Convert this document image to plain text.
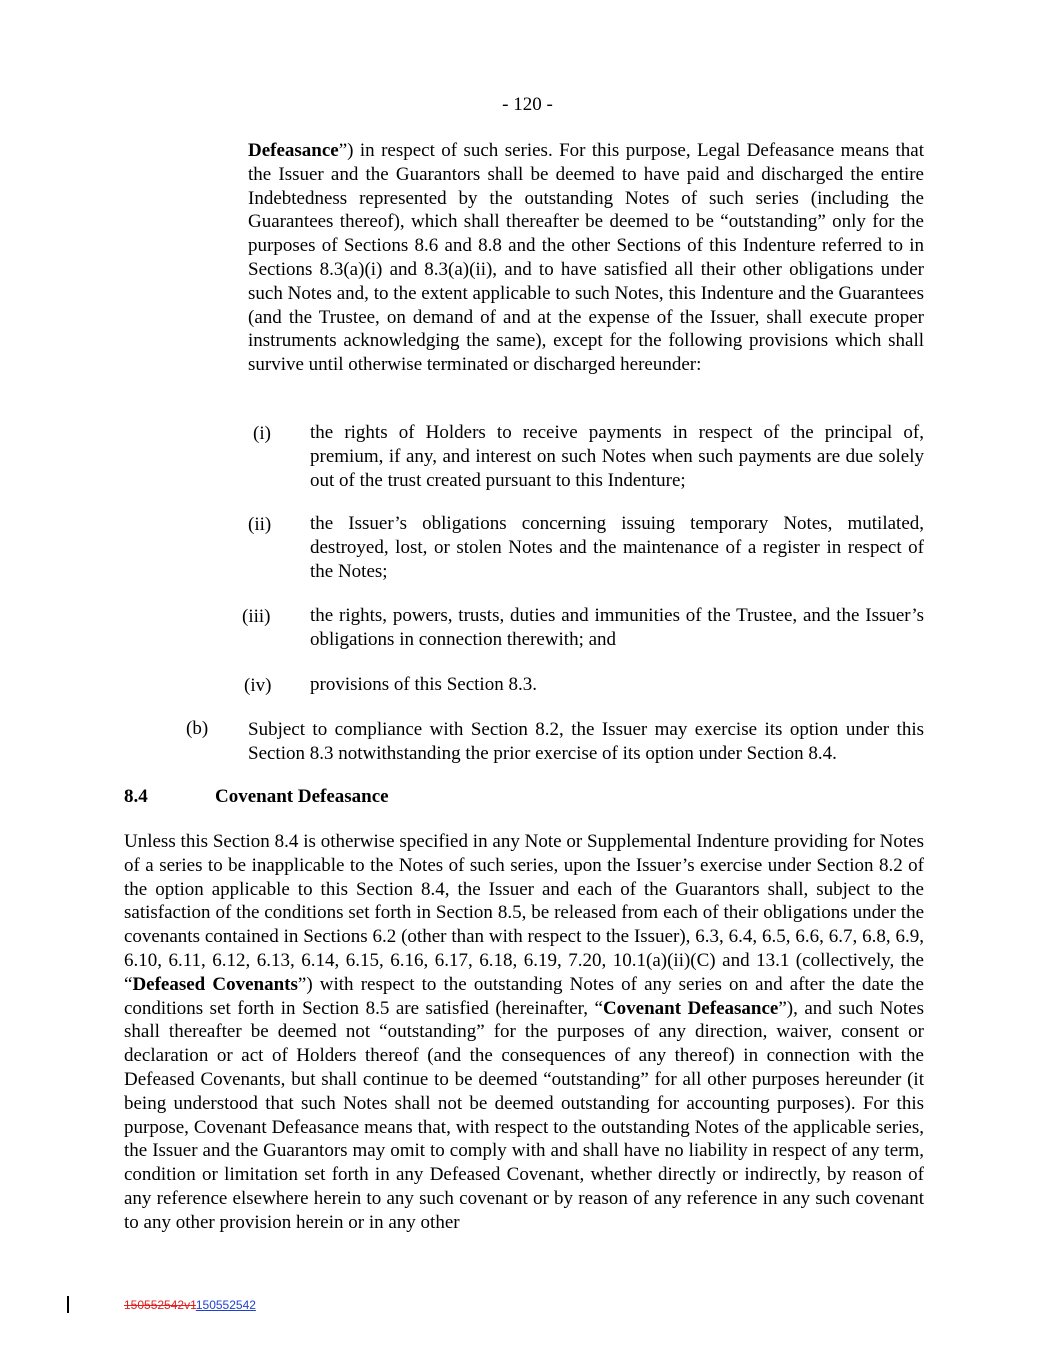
- 120 -

Defeasance”) in respect of such series. For this purpose, Legal Defeasance means that the Issuer and the Guarantors shall be deemed to have paid and discharged the entire Indebtedness represented by the outstanding Notes of such series (including the Guarantees thereof), which shall thereafter be deemed to be “outstanding” only for the purposes of Sections 8.6 and 8.8 and the other Sections of this Indenture referred to in Sections 8.3(a)(i) and 8.3(a)(ii), and to have satisfied all their other obligations under such Notes and, to the extent applicable to such Notes, this Indenture and the Guarantees (and the Trustee, on demand of and at the expense of the Issuer, shall execute proper instruments acknowledging the same), except for the following provisions which shall survive until otherwise terminated or discharged hereunder:

(i) the rights of Holders to receive payments in respect of the principal of, premium, if any, and interest on such Notes when such payments are due solely out of the trust created pursuant to this Indenture;
(ii) the Issuer’s obligations concerning issuing temporary Notes, mutilated, destroyed, lost, or stolen Notes and the maintenance of a register in respect of the Notes;
(iii) the rights, powers, trusts, duties and immunities of the Trustee, and the Issuer’s obligations in connection therewith; and
(iv) provisions of this Section 8.3.
(b) Subject to compliance with Section 8.2, the Issuer may exercise its option under this Section 8.3 notwithstanding the prior exercise of its option under Section 8.4.

8.4	Covenant Defeasance

Unless this Section 8.4 is otherwise specified in any Note or Supplemental Indenture providing for Notes of a series to be inapplicable to the Notes of such series, upon the Issuer’s exercise under Section 8.2 of the option applicable to this Section 8.4, the Issuer and each of the Guarantors shall, subject to the satisfaction of the conditions set forth in Section 8.5, be released from each of their obligations under the covenants contained in Sections 6.2 (other than with respect to the Issuer), 6.3, 6.4, 6.5, 6.6, 6.7, 6.8, 6.9, 6.10, 6.11, 6.12, 6.13, 6.14, 6.15, 6.16, 6.17, 6.18, 6.19, 7.20, 10.1(a)(ii)(C) and 13.1 (collectively, the “Defeased Covenants”) with respect to the outstanding Notes of any series on and after the date the conditions set forth in Section 8.5 are satisfied (hereinafter, “Covenant Defeasance”), and such Notes shall thereafter be deemed not “outstanding” for the purposes of any direction, waiver, consent or declaration or act of Holders thereof (and the consequences of any thereof) in connection with the Defeased Covenants, but shall continue to be deemed “outstanding” for all other purposes hereunder (it being understood that such Notes shall not be deemed outstanding for accounting purposes). For this purpose, Covenant Defeasance means that, with respect to the outstanding Notes of the applicable series, the Issuer and the Guarantors may omit to comply with and shall have no liability in respect of any term, condition or limitation set forth in any Defeased Covenant, whether directly or indirectly, by reason of any reference elsewhere herein to any such covenant or by reason of any reference in any such covenant to any other provision herein or in any other

150552542v1150552542
